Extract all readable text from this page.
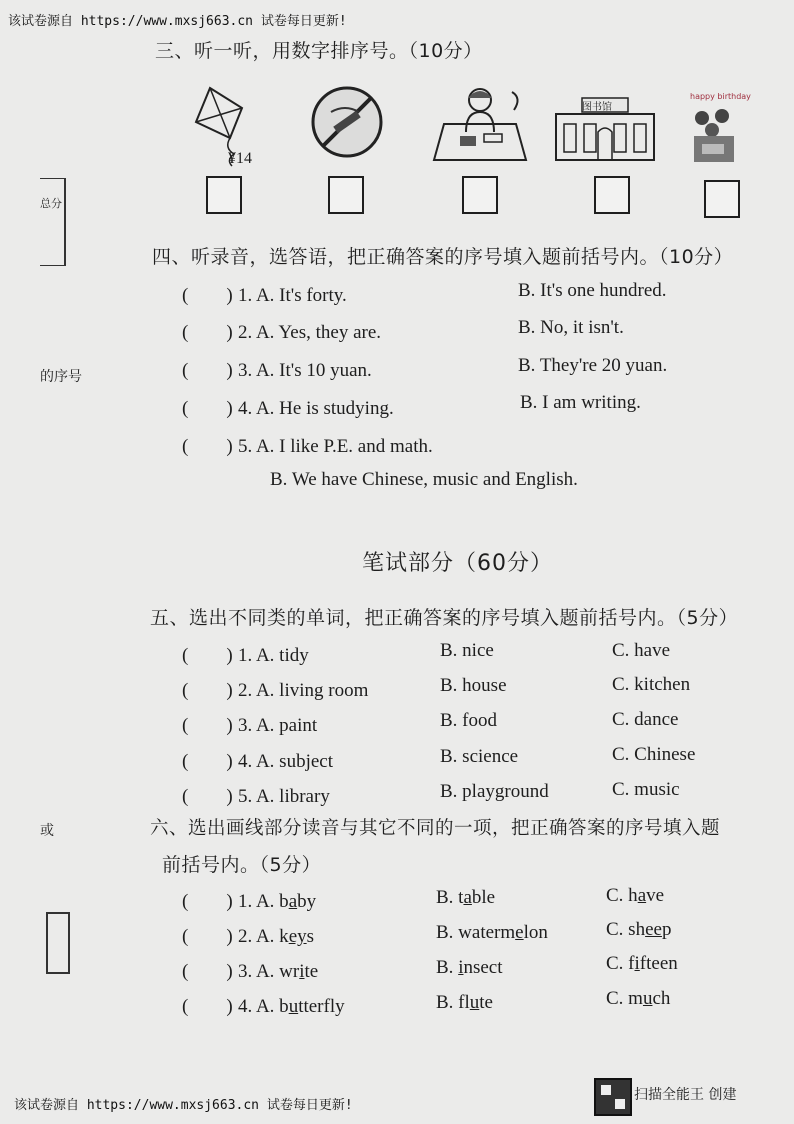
该试卷源自 https://www.mxsj663.cn 试卷每日更新!
总分
的序号
或
三、听一听，用数字排序号。（10分）
¥14
图书馆
happy birthday
四、听录音，选答语，把正确答案的序号填入题前括号内。（10分）
(　　) 1. A. It's forty.	B. It's one hundred.
(　　) 2. A. Yes, they are.	B. No, it isn't.
(　　) 3. A. It's 10 yuan.	B. They're 20 yuan.
(　　) 4. A. He is studying.	B. I am writing.
(　　) 5. A. I like P.E. and math.
B. We have Chinese, music and English.
笔试部分（60分）
五、选出不同类的单词，把正确答案的序号填入题前括号内。（5分）
(　　) 1. A. tidy	B. nice	C. have
(　　) 2. A. living room	B. house	C. kitchen
(　　) 3. A. paint	B. food	C. dance
(　　) 4. A. subject	B. science	C. Chinese
(　　) 5. A. library	B. playground	C. music
六、选出画线部分读音与其它不同的一项，把正确答案的序号填入题
前括号内。（5分）
(　　) 1. A. baby	B. table	C. have
(　　) 2. A. keys	B. watermelon	C. sheep
(　　) 3. A. write	B. insect	C. fifteen
(　　) 4. A. butterfly	B. flute	C. much
该试卷源自 https://www.mxsj663.cn 试卷每日更新!
扫描全能王 创建
